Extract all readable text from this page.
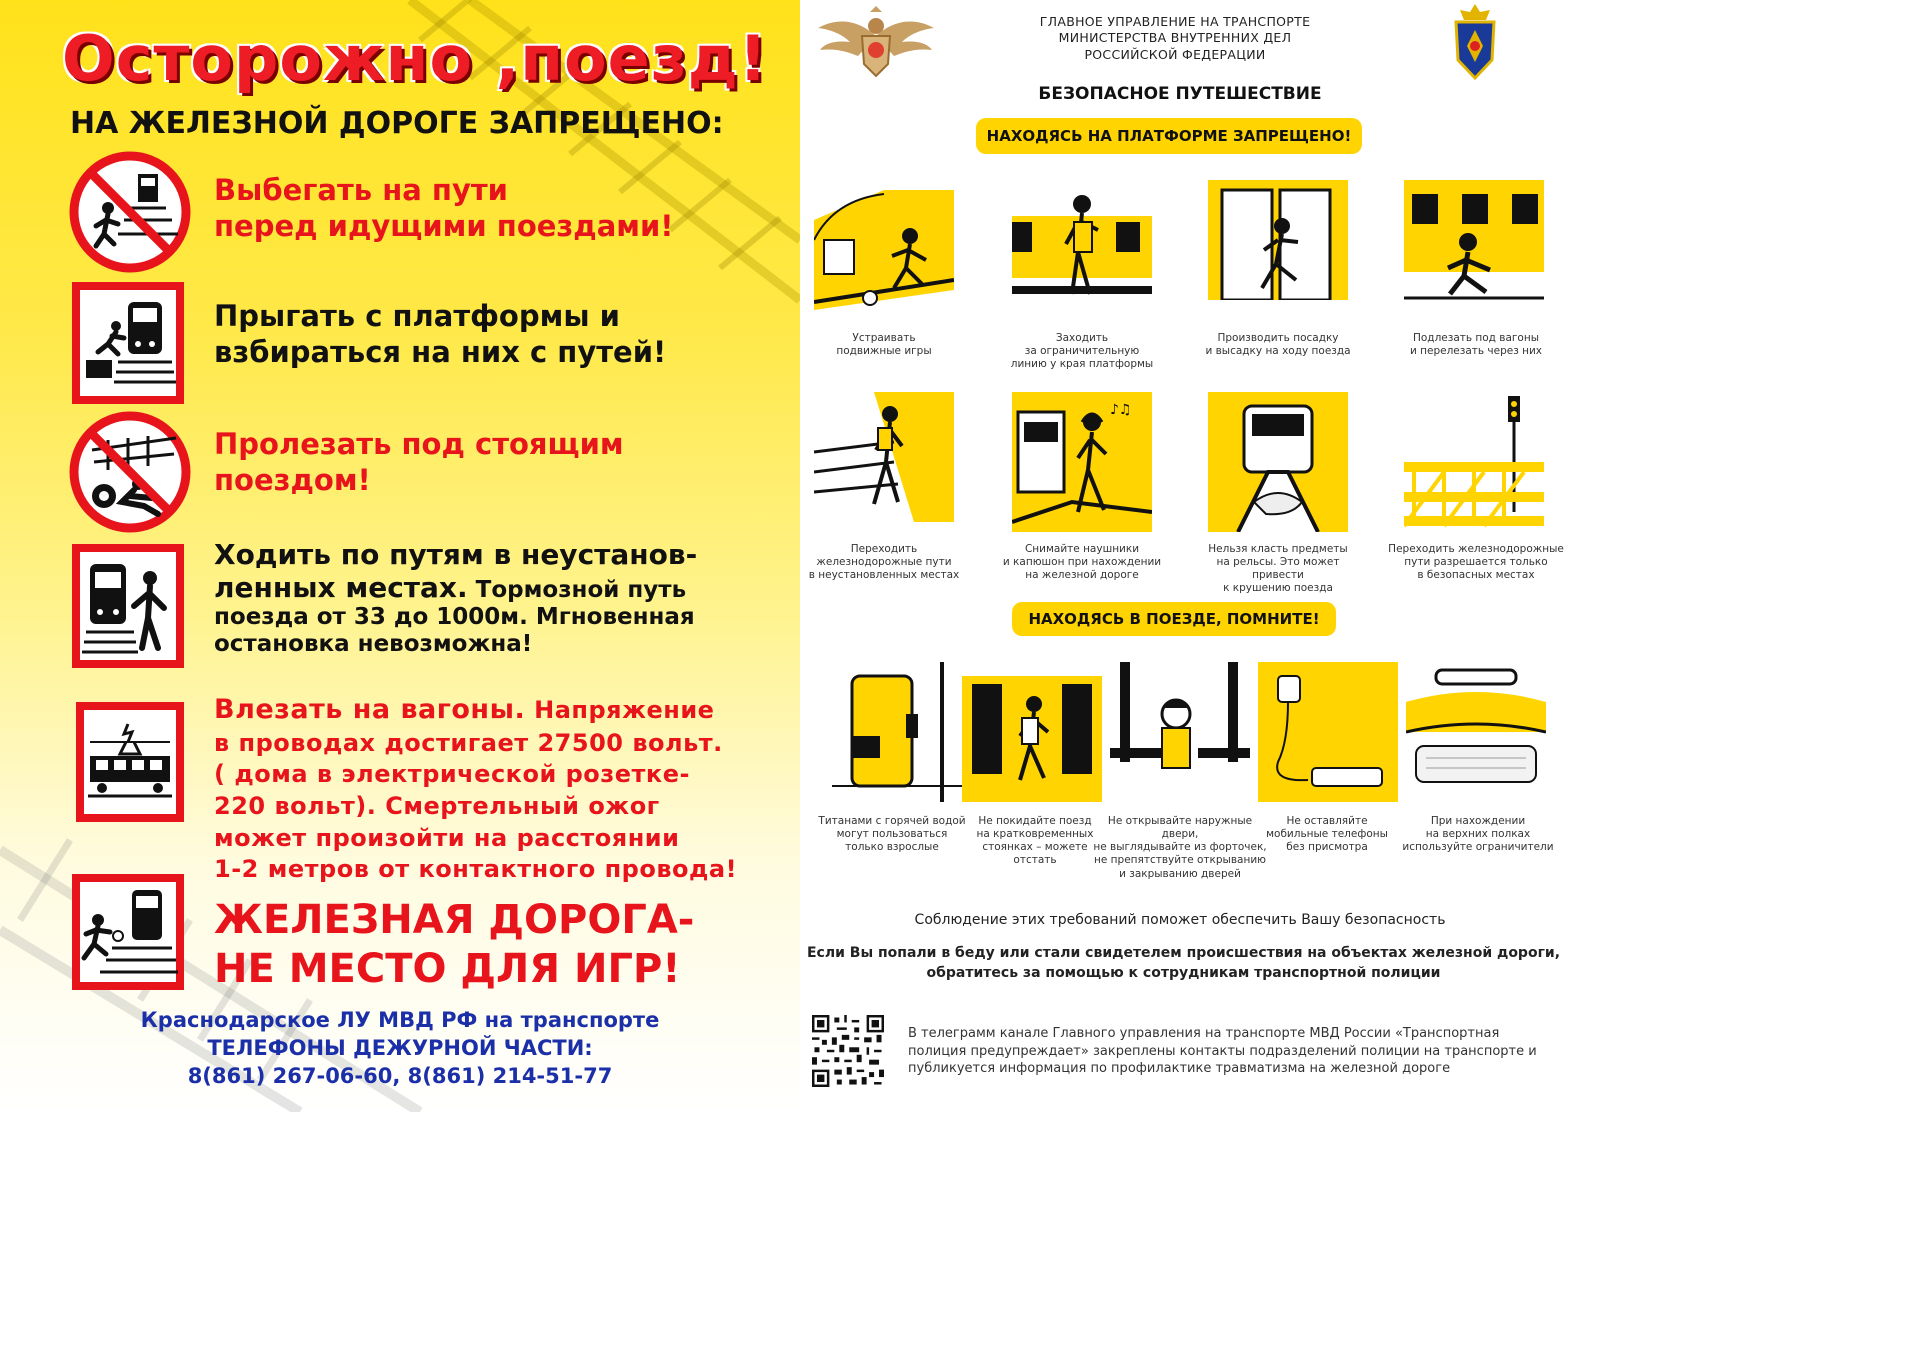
Осторожно ,поезд!
НА ЖЕЛЕЗНОЙ ДОРОГЕ ЗАПРЕЩЕНО:
Выбегать на пути
перед идущими поездами!
Прыгать с платформы и
взбираться на них с путей!
Пролезать под стоящим
поездом!
Ходить по путям в неустанов-
ленных местах. Тормозной путь
поезда от 33 до 1000м. Мгновенная
остановка невозможна!
Влезать на вагоны. Напряжение
в проводах достигает 27500 вольт.
( дома в электрической розетке-
220 вольт). Смертельный ожог
может произойти на расстоянии
1-2 метров от контактного провода!
ЖЕЛЕЗНАЯ ДОРОГА-
НЕ МЕСТО ДЛЯ ИГР!
Краснодарское ЛУ МВД РФ на транспорте
ТЕЛЕФОНЫ ДЕЖУРНОЙ ЧАСТИ:
8(861) 267-06-60, 8(861) 214-51-77
ГЛАВНОЕ УПРАВЛЕНИЕ НА ТРАНСПОРТЕ
МИНИСТЕРСТВА ВНУТРЕННИХ ДЕЛ
РОССИЙСКОЙ ФЕДЕРАЦИИ
БЕЗОПАСНОЕ ПУТЕШЕСТВИЕ
НАХОДЯСЬ НА ПЛАТФОРМЕ ЗАПРЕЩЕНО!
Устраивать
подвижные игры
Заходить
за ограничительную
линию у края платформы
Производить посадку
и высадку на ходу поезда
Подлезать под вагоны
и перелезать через них
♪♫
Переходить
железнодорожные пути
в неустановленных местах
Снимайте наушники
и капюшон при нахождении
на железной дороге
Нельзя класть предметы
на рельсы. Это может привести
к крушению поезда
Переходить железнодорожные
пути разрешается только
в безопасных местах
НАХОДЯСЬ В ПОЕЗДЕ, ПОМНИТЕ!
Титанами с горячей водой
могут пользоваться
только взрослые
Не покидайте поезд
на кратковременных
стоянках – можете
отстать
Не открывайте наружные двери,
не выглядывайте из форточек,
не препятствуйте открыванию
и закрыванию дверей
Не оставляйте
мобильные телефоны
без присмотра
При нахождении
на верхних полках
используйте ограничители
Соблюдение этих требований поможет обеспечить Вашу безопасность
Если Вы попали в беду или стали свидетелем происшествия на объектах железной дороги,
обратитесь за помощью к сотрудникам транспортной полиции
В телеграмм канале Главного управления на транспорте МВД России «Транспортная полиция предупреждает» закреплены контакты подразделений полиции на транспорте и публикуется информация по профилактике травматизма на железной дороге
